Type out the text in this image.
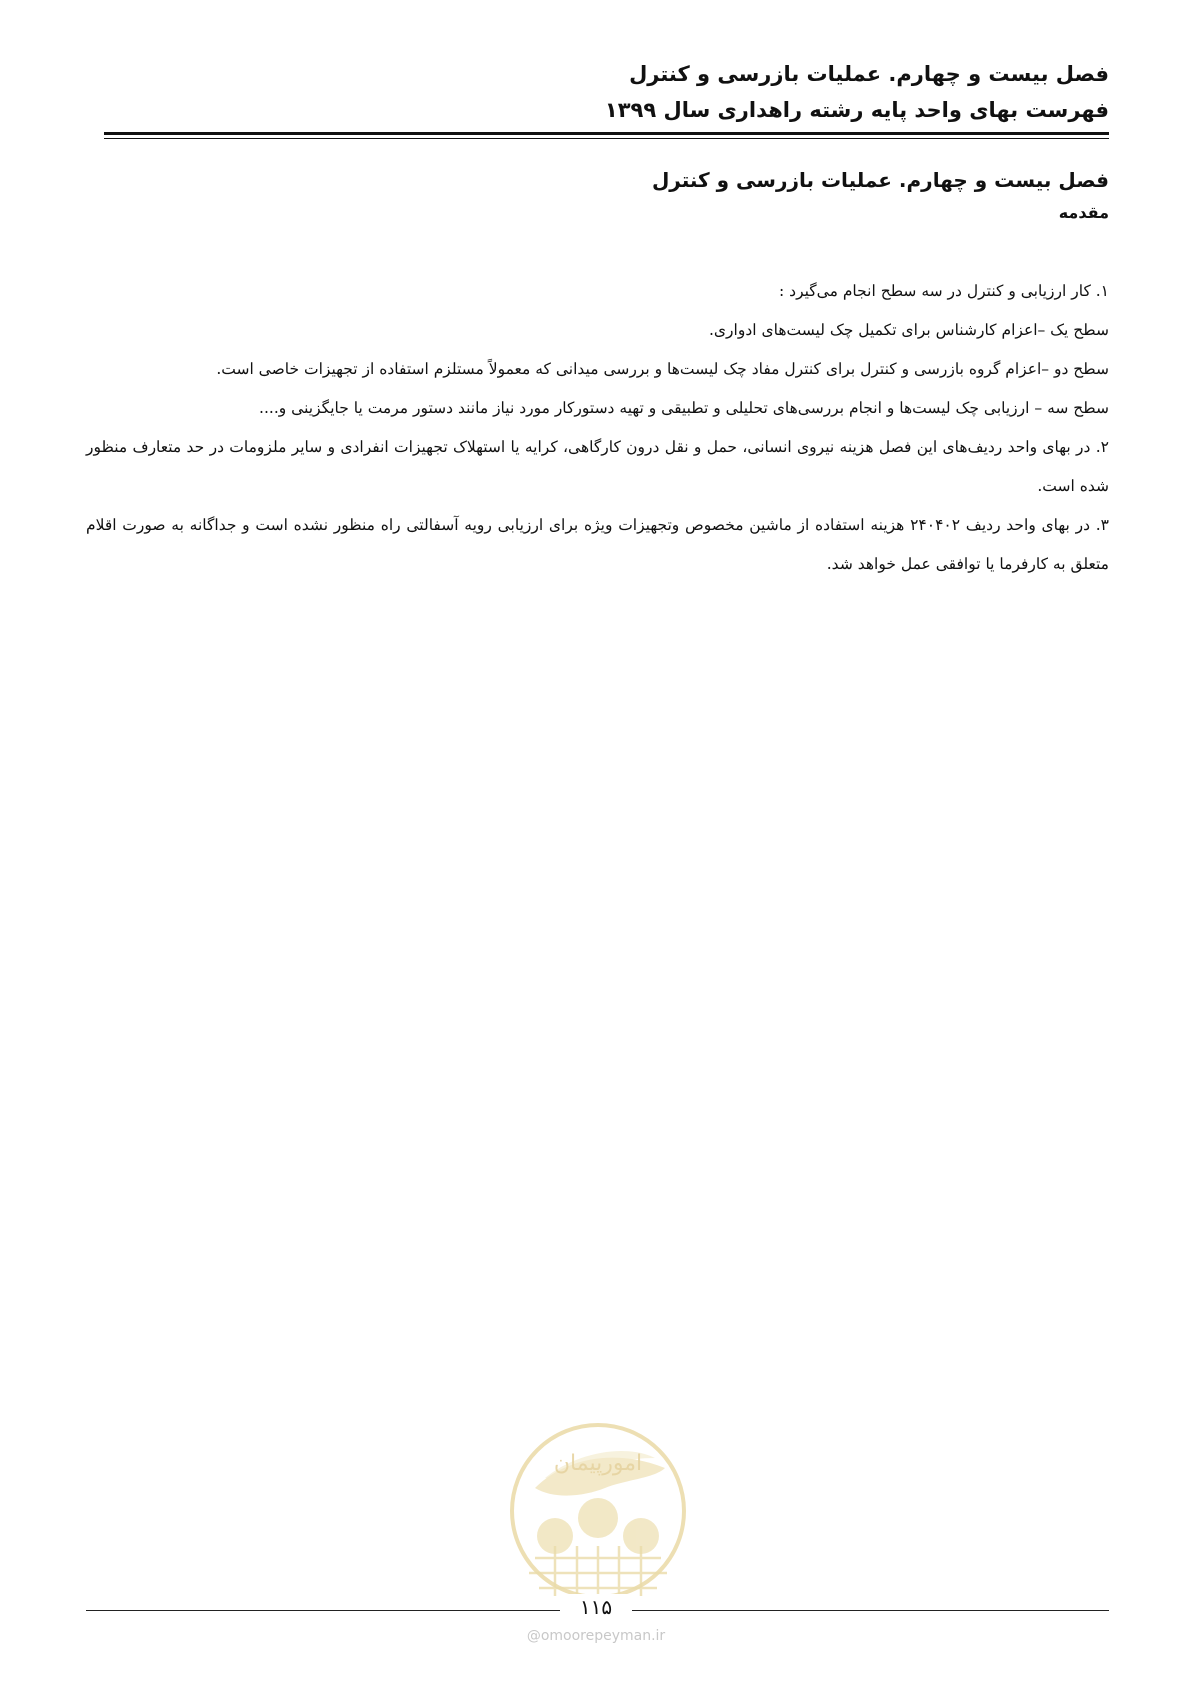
فصل بیست و چهارم. عملیات بازرسی و کنترل
فهرست بهای واحد پایه رشته راهداری سال ۱۳۹۹
فصل بیست و چهارم. عملیات بازرسی و کنترل
مقدمه

۱. کار ارزیابی و کنترل در سه سطح انجام می‌گیرد :

سطح یک –اعزام کارشناس برای تکمیل چک لیست‌های ادواری.

سطح دو –اعزام گروه بازرسی و کنترل برای کنترل مفاد چک لیست‌ها و بررسی میدانی که معمولاً مستلزم استفاده از تجهیزات خاصی است.

سطح سه – ارزیابی چک لیست‌ها و انجام بررسی‌های تحلیلی و تطبیقی و تهیه دستورکار مورد نیاز مانند دستور مرمت یا جایگزینی و....

۲. در بهای واحد ردیف‌های این فصل هزینه نیروی انسانی، حمل و نقل درون کارگاهی، کرایه یا استهلاک تجهیزات انفرادی و سایر ملزومات در حد متعارف منظور شده است.

۳. در بهای واحد ردیف ۲۴۰۴۰۲ هزینه استفاده از ماشین مخصوص وتجهیزات ویژه برای ارزیابی رویه آسفالتی راه منظور نشده است و جداگانه به صورت اقلام متعلق به کارفرما یا توافقی عمل خواهد شد.

امورپیمان
۱۱۵
@omoorepeyman.ir
